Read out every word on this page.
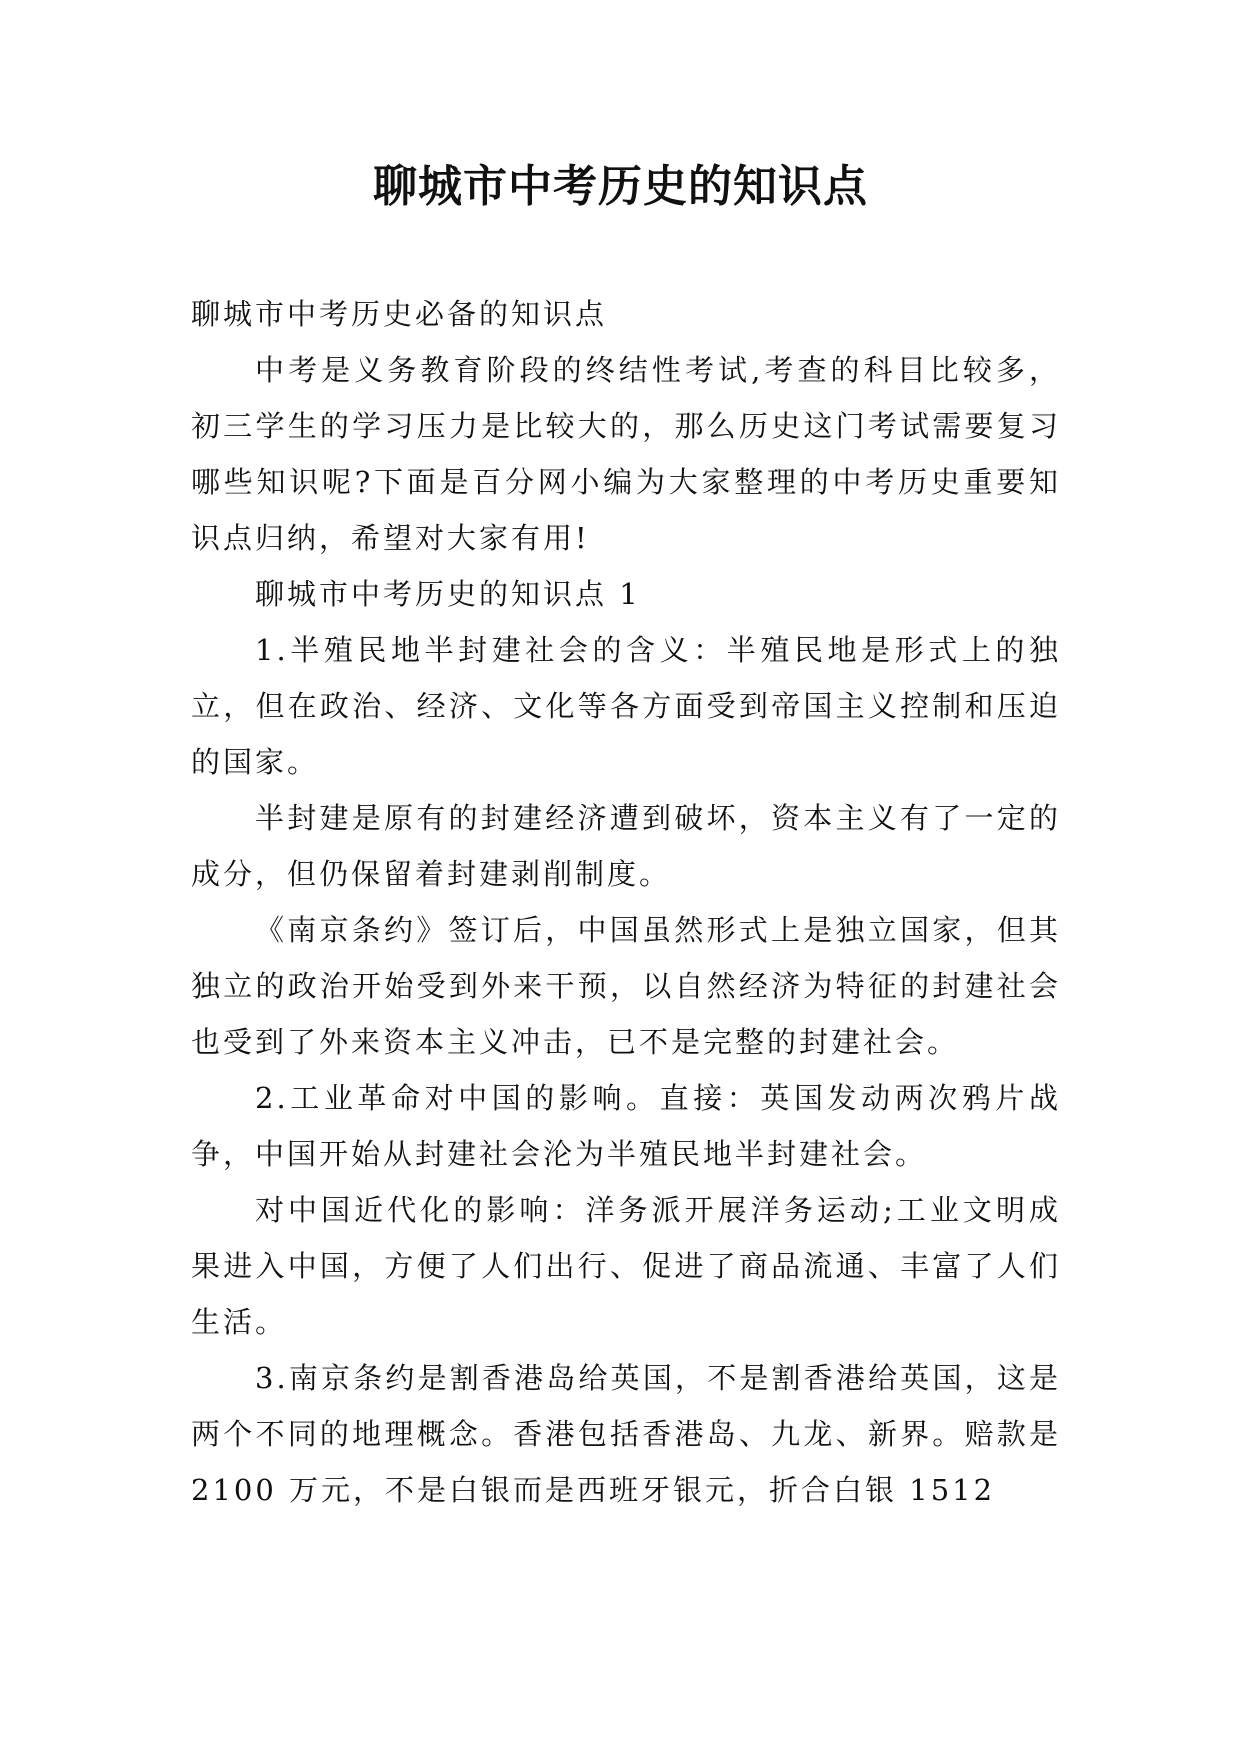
聊城市中考历史的知识点

聊城市中考历史必备的知识点

中考是义务教育阶段的终结性考试,考查的科目比较多，初三学生的学习压力是比较大的，那么历史这门考试需要复习哪些知识呢?下面是百分网小编为大家整理的中考历史重要知识点归纳，希望对大家有用!

聊城市中考历史的知识点 1

1.半殖民地半封建社会的含义：半殖民地是形式上的独立，但在政治、经济、文化等各方面受到帝国主义控制和压迫的国家。

半封建是原有的封建经济遭到破坏，资本主义有了一定的成分，但仍保留着封建剥削制度。

《南京条约》签订后，中国虽然形式上是独立国家，但其独立的政治开始受到外来干预，以自然经济为特征的封建社会也受到了外来资本主义冲击，已不是完整的封建社会。

2.工业革命对中国的影响。直接：英国发动两次鸦片战争，中国开始从封建社会沦为半殖民地半封建社会。

对中国近代化的影响：洋务派开展洋务运动;工业文明成果进入中国，方便了人们出行、促进了商品流通、丰富了人们生活。

3.南京条约是割香港岛给英国，不是割香港给英国，这是两个不同的地理概念。香港包括香港岛、九龙、新界。赔款是 2100 万元，不是白银而是西班牙银元，折合白银 1512
